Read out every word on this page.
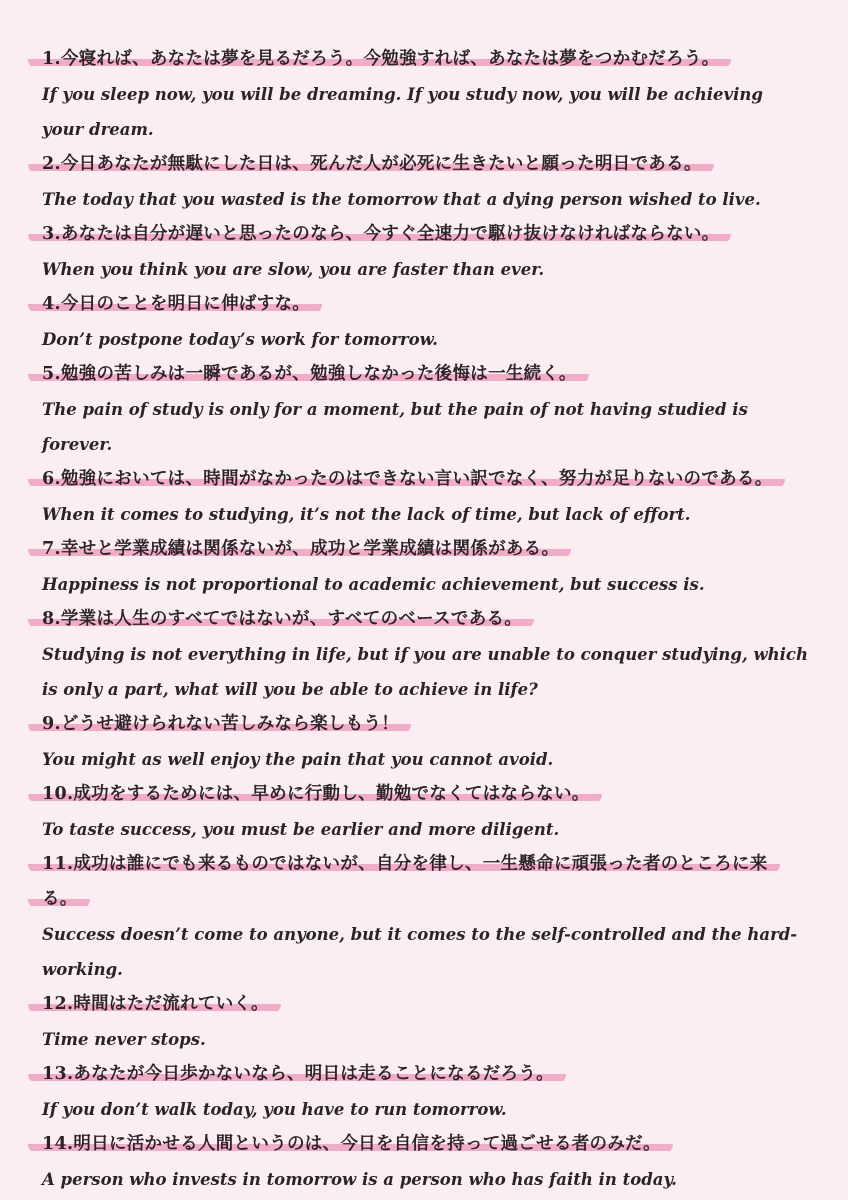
1.今寝れば、あなたは夢を見るだろう。今勉強すれば、あなたは夢をつかむだろう。

If you sleep now, you will be dreaming. If you study now, you will be achieving your dream.

2.今日あなたが無駄にした日は、死んだ人が必死に生きたいと願った明日である。

The today that you wasted is the tomorrow that a dying person wished to live.

3.あなたは自分が遅いと思ったのなら、今すぐ全速力で駆け抜けなければならない。

When you think you are slow, you are faster than ever.

4.今日のことを明日に伸ばすな。

Don’t postpone today’s work for tomorrow.

5.勉強の苦しみは一瞬であるが、勉強しなかった後悔は一生続く。

The pain of study is only for a moment, but the pain of not having studied is forever.

6.勉強においては、時間がなかったのはできない言い訳でなく、努力が足りないのである。

When it comes to studying, it’s not the lack of time, but lack of effort.

7.幸せと学業成績は関係ないが、成功と学業成績は関係がある。

Happiness is not proportional to academic achievement, but success is.

8.学業は人生のすべてではないが、すべてのベースである。

Studying is not everything in life, but if you are unable to conquer studying, which is only a part, what will you be able to achieve in life?

9.どうせ避けられない苦しみなら楽しもう！

You might as well enjoy the pain that you cannot avoid.

10.成功をするためには、早めに行動し、勤勉でなくてはならない。

To taste success, you must be earlier and more diligent.

11.成功は誰にでも来るものではないが、自分を律し、一生懸命に頑張った者のところに来る。

Success doesn’t come to anyone, but it comes to the self-controlled and the hard-working.

12.時間はただ流れていく。

Time never stops.

13.あなたが今日歩かないなら、明日は走ることになるだろう。

If you don’t walk today, you have to run tomorrow.

14.明日に活かせる人間というのは、今日を自信を持って過ごせる者のみだ。

A person who invests in tomorrow is a person who has faith in today.
